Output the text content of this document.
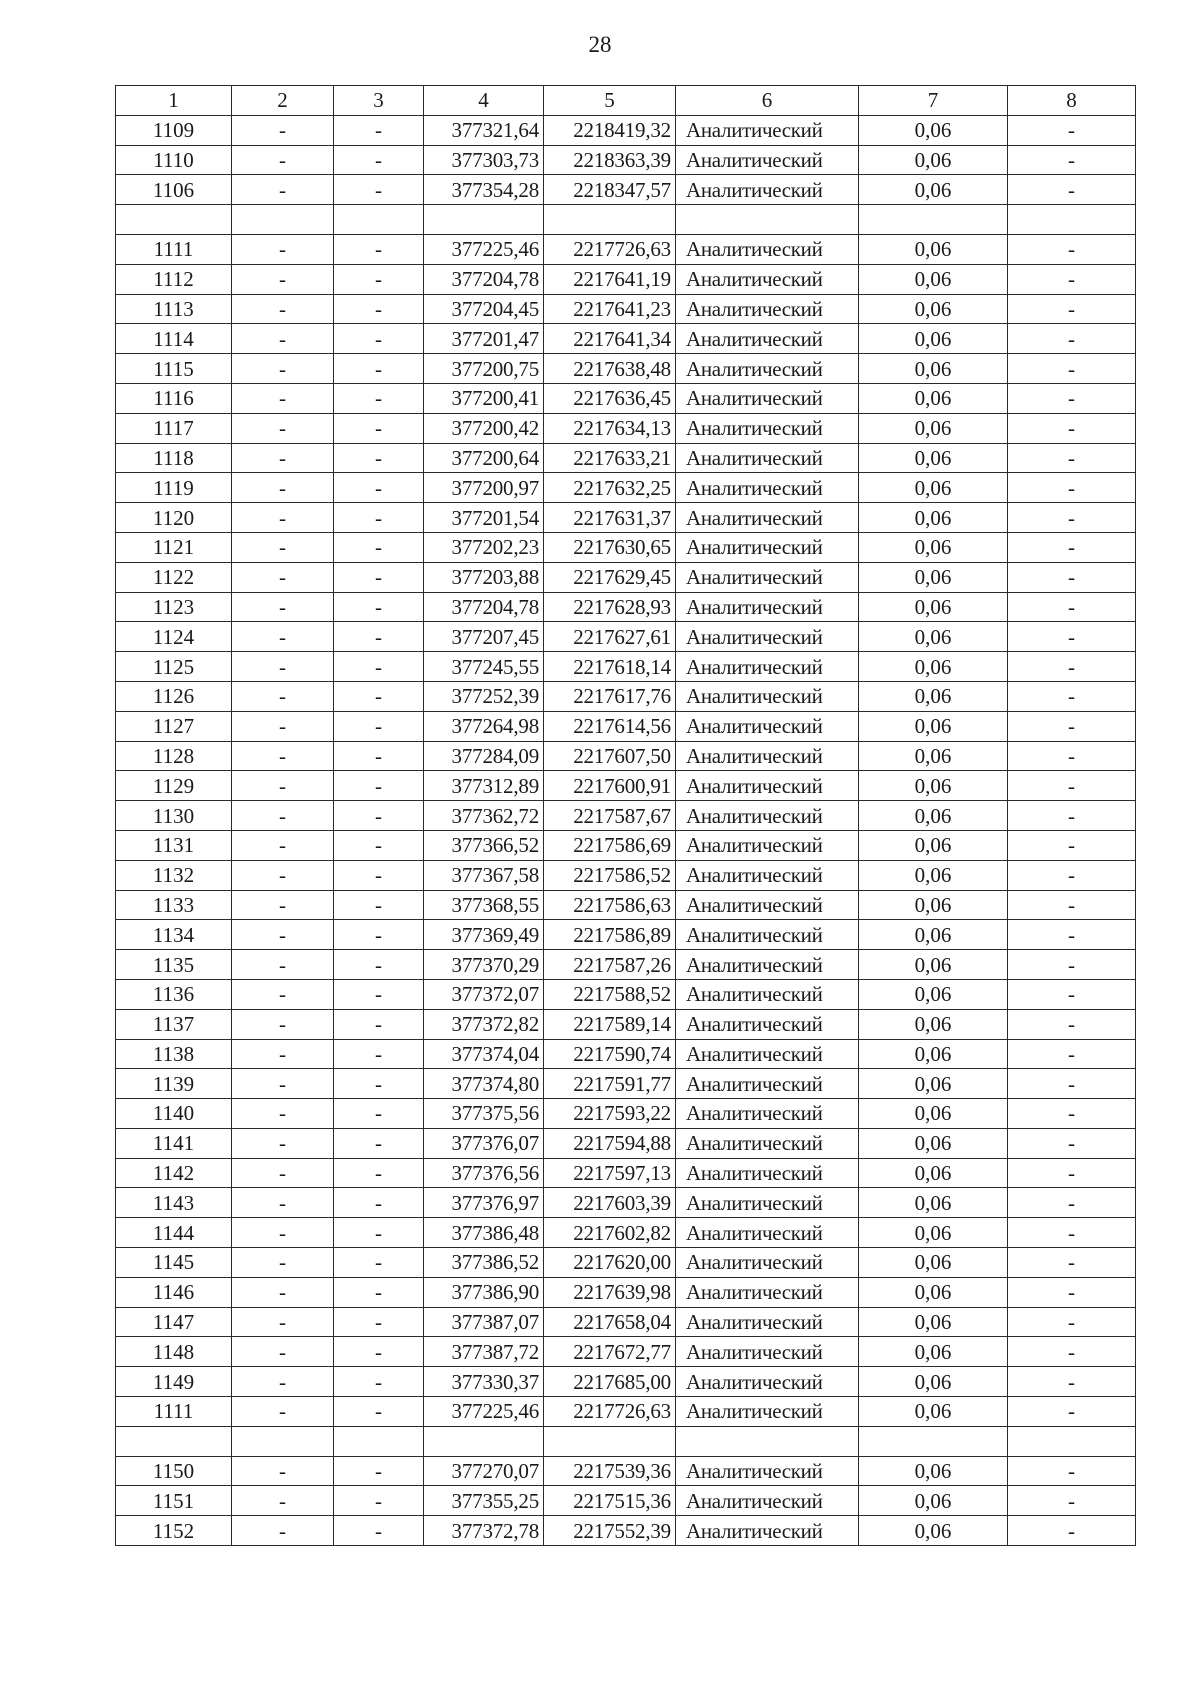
28
1	2	3	4	5	6	7	8
1109	-	-	377321,64	2218419,32	Аналитический	0,06	-
1110	-	-	377303,73	2218363,39	Аналитический	0,06	-
1106	-	-	377354,28	2218347,57	Аналитический	0,06	-

1111	-	-	377225,46	2217726,63	Аналитический	0,06	-
1112	-	-	377204,78	2217641,19	Аналитический	0,06	-
1113	-	-	377204,45	2217641,23	Аналитический	0,06	-
1114	-	-	377201,47	2217641,34	Аналитический	0,06	-
1115	-	-	377200,75	2217638,48	Аналитический	0,06	-
1116	-	-	377200,41	2217636,45	Аналитический	0,06	-
1117	-	-	377200,42	2217634,13	Аналитический	0,06	-
1118	-	-	377200,64	2217633,21	Аналитический	0,06	-
1119	-	-	377200,97	2217632,25	Аналитический	0,06	-
1120	-	-	377201,54	2217631,37	Аналитический	0,06	-
1121	-	-	377202,23	2217630,65	Аналитический	0,06	-
1122	-	-	377203,88	2217629,45	Аналитический	0,06	-
1123	-	-	377204,78	2217628,93	Аналитический	0,06	-
1124	-	-	377207,45	2217627,61	Аналитический	0,06	-
1125	-	-	377245,55	2217618,14	Аналитический	0,06	-
1126	-	-	377252,39	2217617,76	Аналитический	0,06	-
1127	-	-	377264,98	2217614,56	Аналитический	0,06	-
1128	-	-	377284,09	2217607,50	Аналитический	0,06	-
1129	-	-	377312,89	2217600,91	Аналитический	0,06	-
1130	-	-	377362,72	2217587,67	Аналитический	0,06	-
1131	-	-	377366,52	2217586,69	Аналитический	0,06	-
1132	-	-	377367,58	2217586,52	Аналитический	0,06	-
1133	-	-	377368,55	2217586,63	Аналитический	0,06	-
1134	-	-	377369,49	2217586,89	Аналитический	0,06	-
1135	-	-	377370,29	2217587,26	Аналитический	0,06	-
1136	-	-	377372,07	2217588,52	Аналитический	0,06	-
1137	-	-	377372,82	2217589,14	Аналитический	0,06	-
1138	-	-	377374,04	2217590,74	Аналитический	0,06	-
1139	-	-	377374,80	2217591,77	Аналитический	0,06	-
1140	-	-	377375,56	2217593,22	Аналитический	0,06	-
1141	-	-	377376,07	2217594,88	Аналитический	0,06	-
1142	-	-	377376,56	2217597,13	Аналитический	0,06	-
1143	-	-	377376,97	2217603,39	Аналитический	0,06	-
1144	-	-	377386,48	2217602,82	Аналитический	0,06	-
1145	-	-	377386,52	2217620,00	Аналитический	0,06	-
1146	-	-	377386,90	2217639,98	Аналитический	0,06	-
1147	-	-	377387,07	2217658,04	Аналитический	0,06	-
1148	-	-	377387,72	2217672,77	Аналитический	0,06	-
1149	-	-	377330,37	2217685,00	Аналитический	0,06	-
1111	-	-	377225,46	2217726,63	Аналитический	0,06	-

1150	-	-	377270,07	2217539,36	Аналитический	0,06	-
1151	-	-	377355,25	2217515,36	Аналитический	0,06	-
1152	-	-	377372,78	2217552,39	Аналитический	0,06	-
